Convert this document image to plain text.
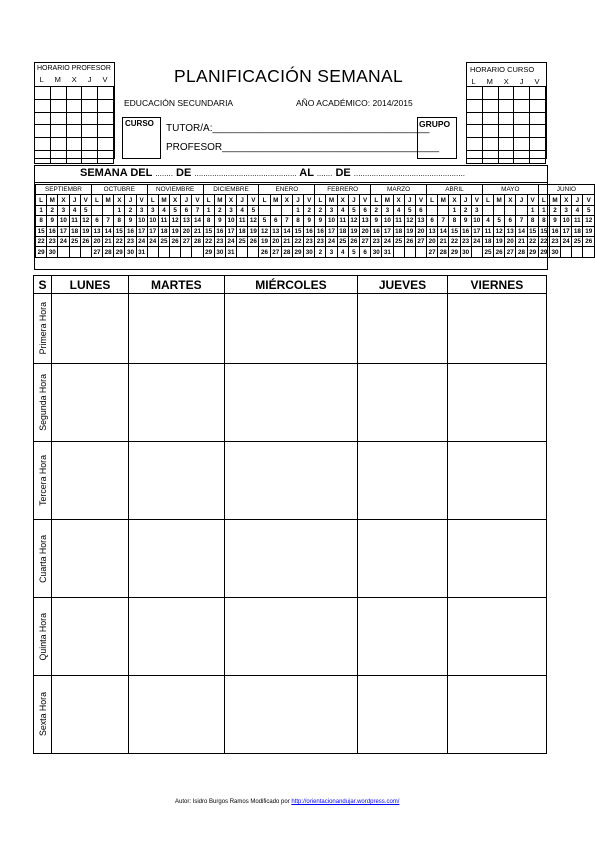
HORARIO PROFESOR
L M X J V

HORARIO CURSO
L M X J V

PLANIFICACIÓN SEMANAL
EDUCACIÓN SECUNDARIA	AÑO ACADÉMICO: 2014/2015
CURSO	GRUPO
TUTOR/A:_______________________________________
PROFESOR_______________________________________
SEMANA DEL ........ DE .............................................. AL ....... DE ..................................................
SEPTIEMBR					OCTUBRE					NOVIEMBRE					DICIEMBRE					ENERO					FEBRERO					MARZO					ABRIL					MAYO					JUNIO				
L	M	X	J	V	L	M	X	J	V	L	M	X	J	V	L	M	X	J	V	L	M	X	J	V	L	M	X	J	V	L	M	X	J	V	L	M	X	J	V	L	M	X	J	V	L	M	X	J	V
1	2	3	4	5			1	2	3	3	4	5	6	7	1	2	3	4	5				1	2	2	3	4	5	6	2	3	4	5	6			1	2	3					1	1	2	3	4	5
8	9	10	11	12	6	7	8	9	10	10	11	12	13	14	8	9	10	11	12	5	6	7	8	9	9	10	11	12	13	9	10	11	12	13	6	7	8	9	10	4	5	6	7	8	8	9	10	11	12
15	16	17	18	19	13	14	15	16	17	17	18	19	20	21	15	16	17	18	19	12	13	14	15	16	16	17	18	19	20	16	17	18	19	20	13	14	15	16	17	11	12	13	14	15	15	16	17	18	19
22	23	24	25	26	20	21	22	23	24	24	25	26	27	28	22	23	24	25	26	19	20	21	22	23	23	24	25	26	27	23	24	25	26	27	20	21	22	23	24	18	19	20	21	22	22	23	24	25	26
29	30				27	28	29	30	31						29	30	31			26	27	28	29	30	2	3	4	5	6	30	31				27	28	29	30		25	26	27	28	29	29	30			
S	LUNES	MARTES	MIÉRCOLES	JUEVES	VIERNES

Primera Hora					

Segunda Hora					

Tercera Hora					

Cuarta Hora					

Quinta Hora					

Sexta Hora					

Autor: Isidro Burgos Ramos Modificado por http://orientacionandujar.wordpress.com/
